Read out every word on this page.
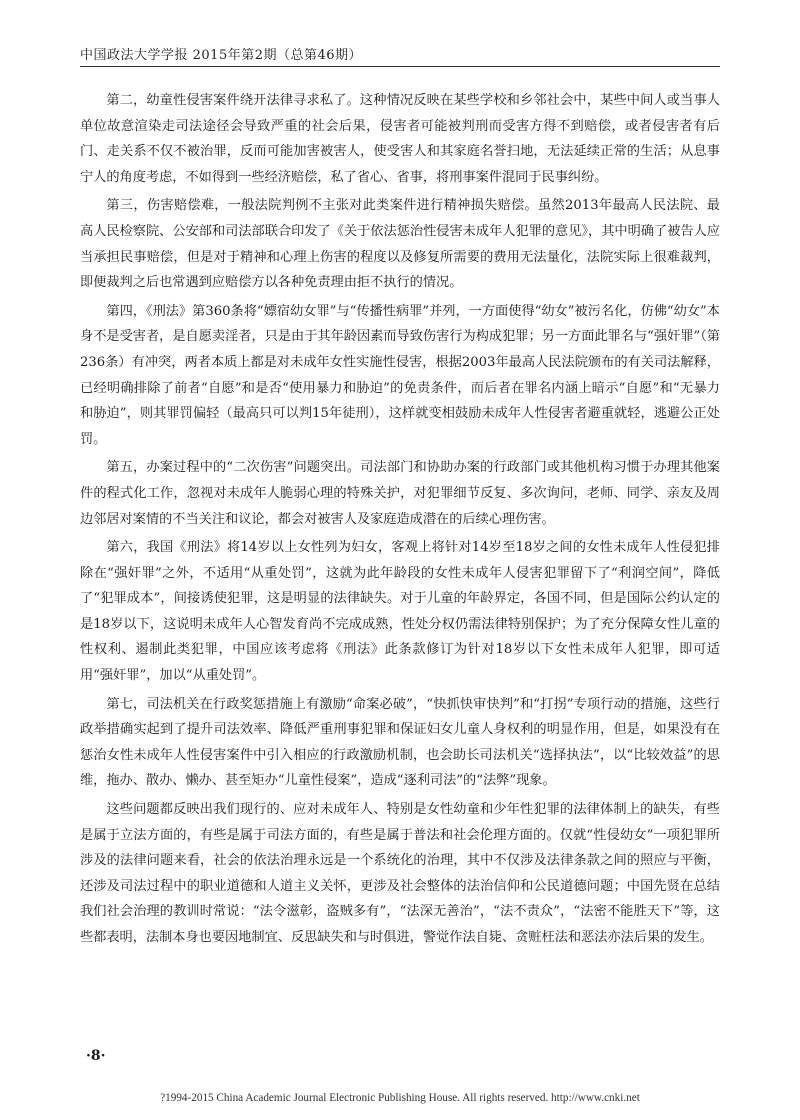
中国政法大学学报 2015年第2期（总第46期）

第二，幼童性侵害案件绕开法律寻求私了。这种情况反映在某些学校和乡邻社会中，某些中间人或当事人单位故意渲染走司法途径会导致严重的社会后果，侵害者可能被判刑而受害方得不到赔偿，或者侵害者有后门、走关系不仅不被治罪，反而可能加害被害人，使受害人和其家庭名誉扫地，无法延续正常的生活；从息事宁人的角度考虑，不如得到一些经济赔偿，私了省心、省事，将刑事案件混同于民事纠纷。

第三，伤害赔偿难，一般法院判例不主张对此类案件进行精神损失赔偿。虽然2013年最高人民法院、最高人民检察院、公安部和司法部联合印发了《关于依法惩治性侵害未成年人犯罪的意见》，其中明确了被告人应当承担民事赔偿，但是对于精神和心理上伤害的程度以及修复所需要的费用无法量化，法院实际上很难裁判，即便裁判之后也常遇到应赔偿方以各种免责理由拒不执行的情况。

第四，《刑法》第360条将“嫖宿幼女罪”与“传播性病罪”并列，一方面使得“幼女”被污名化，仿佛“幼女”本身不是受害者，是自愿卖淫者，只是由于其年龄因素而导致伤害行为构成犯罪；另一方面此罪名与“强奸罪”（第236条）有冲突，两者本质上都是对未成年女性实施性侵害，根据2003年最高人民法院颁布的有关司法解释，已经明确排除了前者“自愿”和是否“使用暴力和胁迫”的免责条件，而后者在罪名内涵上暗示“自愿”和“无暴力和胁迫”，则其罪罚偏轻（最高只可以判15年徒刑），这样就变相鼓励未成年人性侵害者避重就轻，逃避公正处罚。

第五，办案过程中的“二次伤害”问题突出。司法部门和协助办案的行政部门或其他机构习惯于办理其他案件的程式化工作，忽视对未成年人脆弱心理的特殊关护，对犯罪细节反复、多次询问，老师、同学、亲友及周边邻居对案情的不当关注和议论，都会对被害人及家庭造成潜在的后续心理伤害。

第六，我国《刑法》将14岁以上女性列为妇女，客观上将针对14岁至18岁之间的女性未成年人性侵犯排除在“强奸罪”之外，不适用“从重处罚”，这就为此年龄段的女性未成年人侵害犯罪留下了“利润空间”，降低了“犯罪成本”，间接诱使犯罪，这是明显的法律缺失。对于儿童的年龄界定，各国不同，但是国际公约认定的是18岁以下，这说明未成年人心智发育尚不完成成熟，性处分权仍需法律特别保护；为了充分保障女性儿童的性权利、遏制此类犯罪，中国应该考虑将《刑法》此条款修订为针对18岁以下女性未成年人犯罪，即可适用“强奸罪”，加以“从重处罚”。

第七，司法机关在行政奖惩措施上有激励“命案必破”，“快抓快审快判”和“打拐”专项行动的措施，这些行政举措确实起到了提升司法效率、降低严重刑事犯罪和保证妇女儿童人身权利的明显作用，但是，如果没有在惩治女性未成年人性侵害案件中引入相应的行政激励机制，也会助长司法机关“选择执法”，以“比较效益”的思维，拖办、散办、懒办、甚至矩办“儿童性侵案”，造成“逐利司法”的“法弊”现象。

这些问题都反映出我们现行的、应对未成年人、特别是女性幼童和少年性犯罪的法律体制上的缺失，有些是属于立法方面的，有些是属于司法方面的，有些是属于普法和社会伦理方面的。仅就“性侵幼女”一项犯罪所涉及的法律问题来看，社会的依法治理永远是一个系统化的治理，其中不仅涉及法律条款之间的照应与平衡，还涉及司法过程中的职业道德和人道主义关怀，更涉及社会整体的法治信仰和公民道德问题；中国先贤在总结我们社会治理的教训时常说：“法令滋彰，盗贼多有”，“法深无善治”，“法不责众”，“法密不能胜天下”等，这些都表明，法制本身也要因地制宜、反思缺失和与时俱进，警觉作法自毙、贪赃枉法和恶法亦法后果的发生。

·8·
?1994-2015 China Academic Journal Electronic Publishing House. All rights reserved. http://www.cnki.net
